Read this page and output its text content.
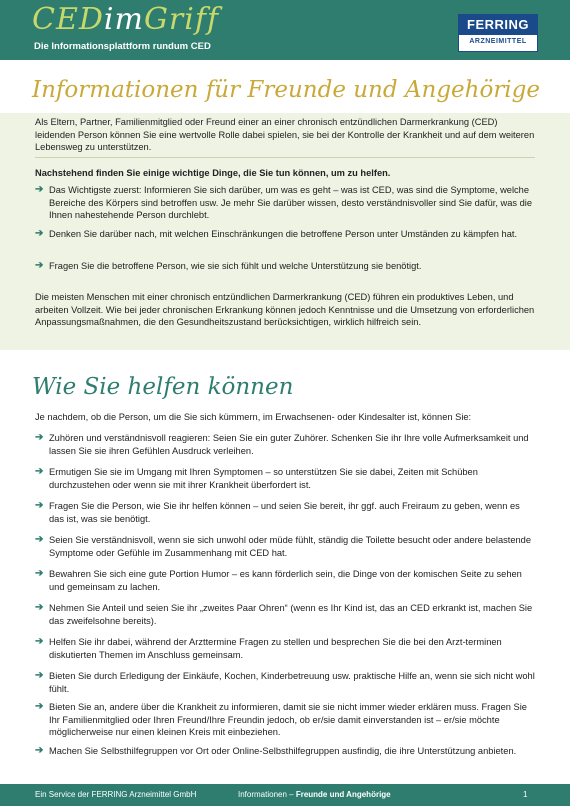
CEDimGriff
Die Informationsplattform rundum CED
FERRING
ARZNEIMITTEL
Informationen für Freunde und Angehörige

Als Eltern, Partner, Familienmitglied oder Freund einer an einer chronisch entzündlichen Darmerkrankung (CED) leidenden Person können Sie eine wertvolle Rolle dabei spielen, sie bei der Kontrolle der Krankheit und auf dem weiteren Lebensweg zu unterstützen.

Nachstehend finden Sie einige wichtige Dinge, die Sie tun können, um zu helfen.

➔ Das Wichtigste zuerst: Informieren Sie sich darüber, um was es geht – was ist CED, was sind die Symptome, welche Bereiche des Körpers sind betroffen usw. Je mehr Sie darüber wissen, desto verständnisvoller sind Sie dafür, was die Ihnen nahestehende Person durchlebt.
➔ Denken Sie darüber nach, mit welchen Einschränkungen die betroffene Person unter Umständen zu kämpfen hat.
➔ Fragen Sie die betroffene Person, wie sie sich fühlt und welche Unterstützung sie benötigt.

Die meisten Menschen mit einer chronisch entzündlichen Darmerkrankung (CED) führen ein produktives Leben, und arbeiten Vollzeit. Wie bei jeder chronischen Erkrankung können jedoch Kenntnisse und die Umsetzung von erforderlichen Anpassungsmaßnahmen, die den Gesundheitszustand berücksichtigen, wirklich hilfreich sein.

Wie Sie helfen können

Je nachdem, ob die Person, um die Sie sich kümmern, im Erwachsenen- oder Kindesalter ist, können Sie:

➔ Zuhören und verständnisvoll reagieren: Seien Sie ein guter Zuhörer. Schenken Sie ihr Ihre volle Aufmerksamkeit und lassen Sie sie ihren Gefühlen Ausdruck verleihen.
➔ Ermutigen Sie sie im Umgang mit Ihren Symptomen – so unterstützen Sie sie dabei, Zeiten mit Schüben durchzustehen oder wenn sie mit ihrer Krankheit überfordert ist.
➔ Fragen Sie die Person, wie Sie ihr helfen können – und seien Sie bereit, ihr ggf. auch Freiraum zu geben, wenn es das ist, was sie benötigt.
➔ Seien Sie verständnisvoll, wenn sie sich unwohl oder müde fühlt, ständig die Toilette besucht oder andere belastende Symptome oder Gefühle im Zusammenhang mit CED hat.
➔ Bewahren Sie sich eine gute Portion Humor – es kann förderlich sein, die Dinge von der komischen Seite zu sehen und gemeinsam zu lachen.
➔ Nehmen Sie Anteil und seien Sie ihr „zweites Paar Ohren“ (wenn es Ihr Kind ist, das an CED erkrankt ist, machen Sie das zweifelsohne bereits).
➔ Helfen Sie ihr dabei, während der Arzttermine Fragen zu stellen und besprechen Sie die bei den Arzt-terminen diskutierten Themen im Anschluss gemeinsam.
➔ Bieten Sie durch Erledigung der Einkäufe, Kochen, Kinderbetreuung usw. praktische Hilfe an, wenn sie sich nicht wohl fühlt.
➔ Bieten Sie an, andere über die Krankheit zu informieren, damit sie sie nicht immer wieder erklären muss. Fragen Sie Ihr Familienmitglied oder Ihren Freund/Ihre Freundin jedoch, ob er/sie damit einverstanden ist – er/sie möchte möglicherweise nur einen kleinen Kreis mit einbeziehen.
➔ Machen Sie Selbsthilfegruppen vor Ort oder Online-Selbsthilfegruppen ausfindig, die ihre Unterstützung anbieten.
Ein Service der FERRING Arzneimittel GmbH	Informationen – Freunde und Angehörige	1
